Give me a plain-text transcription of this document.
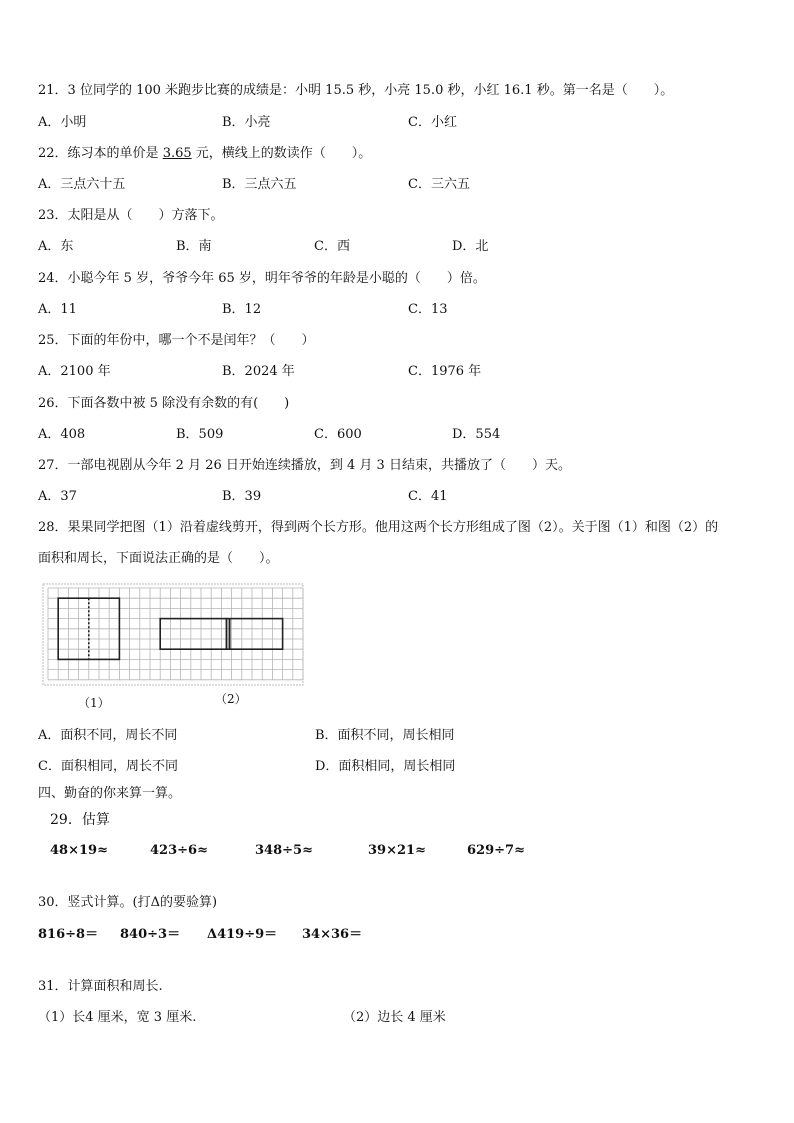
21．3 位同学的 100 米跑步比赛的成绩是：小明 15.5 秒，小亮 15.0 秒，小红 16.1 秒。第一名是（　　）。
A．小明	B．小亮	C．小红
22．练习本的单价是 3.65 元，横线上的数读作（　　）。
A．三点六十五	B．三点六五	C．三六五
23．太阳是从（　　）方落下。
A．东	B．南	C．西	D．北
24．小聪今年 5 岁，爷爷今年 65 岁，明年爷爷的年龄是小聪的（　　）倍。
A．11	B．12	C．13
25．下面的年份中，哪一个不是闰年？（　　）
A．2100 年	B．2024 年	C．1976 年
26．下面各数中被 5 除没有余数的有(　　)
A．408	B．509	C．600	D．554
27．一部电视剧从今年 2 月 26 日开始连续播放，到 4 月 3 日结束，共播放了（　　）天。
A．37	B．39	C．41
28．果果同学把图（1）沿着虚线剪开，得到两个长方形。他用这两个长方形组成了图（2）。关于图（1）和图（2）的
面积和周长，下面说法正确的是（　　）。
（1）	（2）
A．面积不同，周长不同	B．面积不同，周长相同
C．面积相同，周长不同	D．面积相同，周长相同
四、勤奋的你来算一算。
29．估算
48×19≈	423÷6≈	348÷5≈	39×21≈	629÷7≈
30．竖式计算。(打Δ的要验算)
816÷8＝ 840÷3＝ Δ419÷9＝ 34×36＝
31．计算面积和周长.
（1）长4 厘米，宽 3 厘米.	（2）边长 4 厘米
